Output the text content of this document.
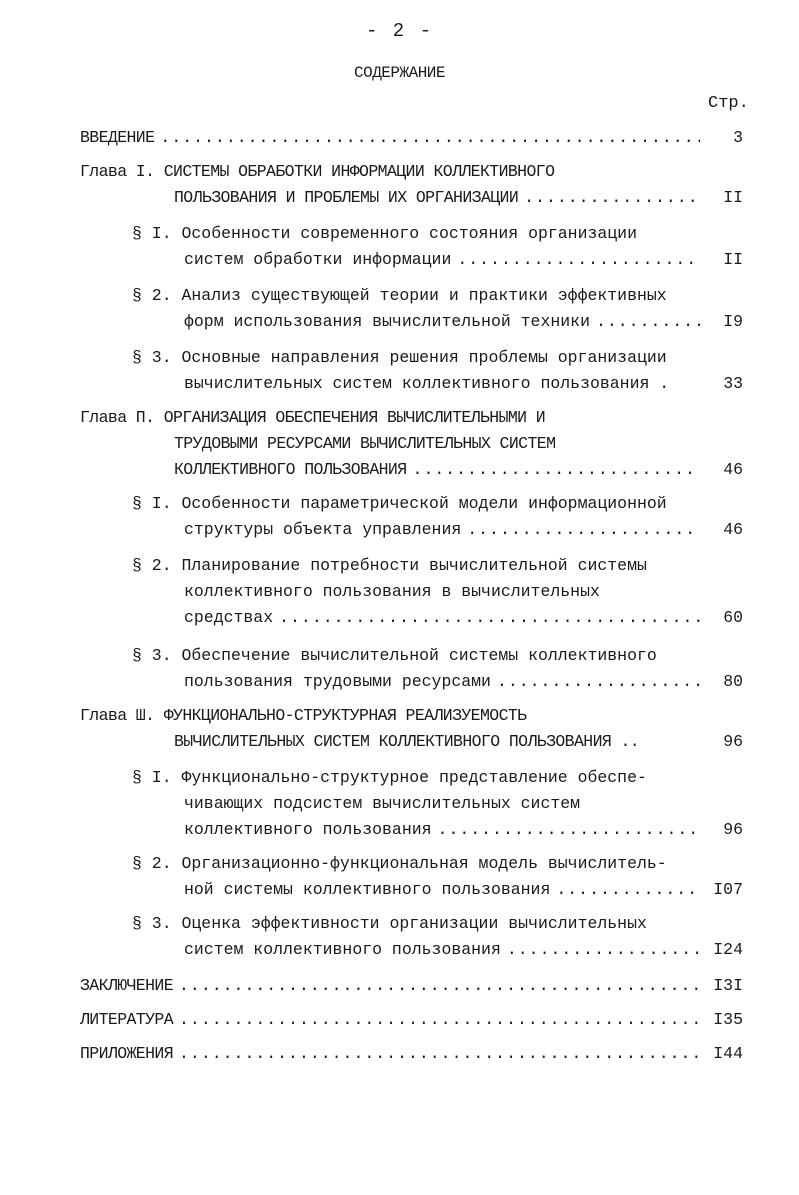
- 2 -
СОДЕРЖАНИЕ
Стр.
ВВЕДЕНИЕ .....	3
Глава I. СИСТЕМЫ ОБРАБОТКИ ИНФОРМАЦИИ КОЛЛЕКТИВНОГО
ПОЛЬЗОВАНИЯ И ПРОБЛЕМЫ ИХ ОРГАНИЗАЦИИ .....	II
§ I. Особенности современного состояния организации
систем обработки информации .....	II
§ 2. Анализ существующей теории и практики эффективных
форм использования вычислительной техники .....	I9
§ 3. Основные направления решения проблемы организации
вычислительных систем коллективного пользования .	33
Глава П. ОРГАНИЗАЦИЯ ОБЕСПЕЧЕНИЯ ВЫЧИСЛИТЕЛЬНЫМИ И
ТРУДОВЫМИ РЕСУРСАМИ ВЫЧИСЛИТЕЛЬНЫХ СИСТЕМ
КОЛЛЕКТИВНОГО ПОЛЬЗОВАНИЯ .....	46
§ I. Особенности параметрической модели информационной
структуры объекта управления .....	46
§ 2. Планирование потребности вычислительной системы
коллективного пользования в вычислительных
средствах .....	60
§ 3. Обеспечение вычислительной системы коллективного
пользования трудовыми ресурсами .....	80
Глава Ш. ФУНКЦИОНАЛЬНО-СТРУКТУРНАЯ РЕАЛИЗУЕМОСТЬ
ВЫЧИСЛИТЕЛЬНЫХ СИСТЕМ КОЛЛЕКТИВНОГО ПОЛЬЗОВАНИЯ ..	96
§ I. Функционально-структурное представление обеспе-
чивающих подсистем вычислительных систем
коллективного пользования .....	96
§ 2. Организационно-функциональная модель вычислитель-
ной системы коллективного пользования .....	I07
§ 3. Оценка эффективности организации вычислительных
систем коллективного пользования .....	I24
ЗАКЛЮЧЕНИЕ .....	I3I
ЛИТЕРАТУРА .....	I35
ПРИЛОЖЕНИЯ .....	I44
